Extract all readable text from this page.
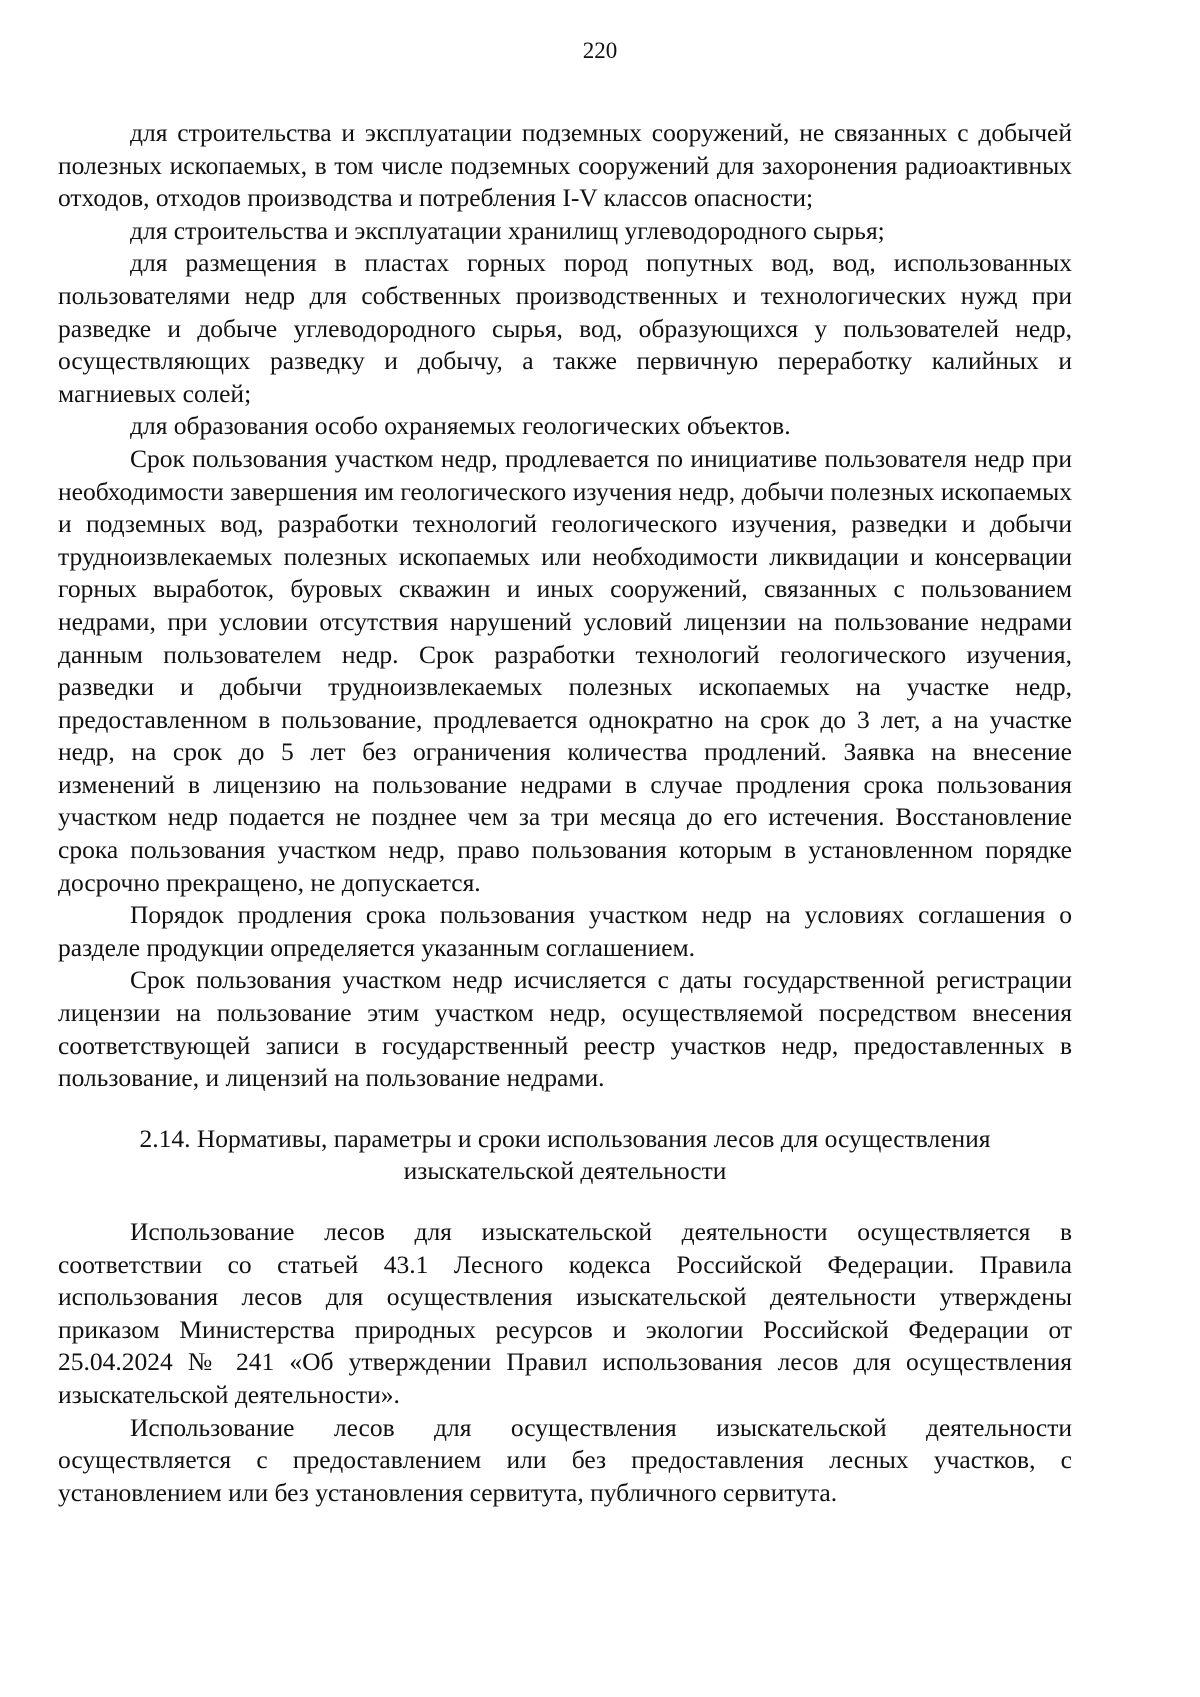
220

для строительства и эксплуатации подземных сооружений, не связанных с добычей полезных ископаемых, в том числе подземных сооружений для захоронения радиоактивных отходов, отходов производства и потребления I-V классов опасности;

для строительства и эксплуатации хранилищ углеводородного сырья;

для размещения в пластах горных пород попутных вод, вод, использованных пользователями недр для собственных производственных и технологических нужд при разведке и добыче углеводородного сырья, вод, образующихся у пользователей недр, осуществляющих разведку и добычу, а также первичную переработку калийных и магниевых солей;

для образования особо охраняемых геологических объектов.

Срок пользования участком недр, продлевается по инициативе пользователя недр при необходимости завершения им геологического изучения недр, добычи полезных ископаемых и подземных вод, разработки технологий геологического изучения, разведки и добычи трудноизвлекаемых полезных ископаемых или необходимости ликвидации и консервации горных выработок, буровых скважин и иных сооружений, связанных с пользованием недрами, при условии отсутствия нарушений условий лицензии на пользование недрами данным пользователем недр. Срок разработки технологий геологического изучения, разведки и добычи трудноизвлекаемых полезных ископаемых на участке недр, предоставленном в пользование, продлевается однократно на срок до 3 лет, а на участке недр, на срок до 5 лет без ограничения количества продлений. Заявка на внесение изменений в лицензию на пользование недрами в случае продления срока пользования участком недр подается не позднее чем за три месяца до его истечения. Восстановление срока пользования участком недр, право пользования которым в установленном порядке досрочно прекращено, не допускается.

Порядок продления срока пользования участком недр на условиях соглашения о разделе продукции определяется указанным соглашением.

Срок пользования участком недр исчисляется с даты государственной регистрации лицензии на пользование этим участком недр, осуществляемой посредством внесения соответствующей записи в государственный реестр участков недр, предоставленных в пользование, и лицензий на пользование недрами.

2.14. Нормативы, параметры и сроки использования лесов для осуществления
изыскательской деятельности

Использование лесов для изыскательской деятельности осуществляется в соответствии со статьей 43.1 Лесного кодекса Российской Федерации. Правила использования лесов для осуществления изыскательской деятельности утверждены приказом Министерства природных ресурсов и экологии Российской Федерации от 25.04.2024 № 241 «Об утверждении Правил использования лесов для осуществления изыскательской деятельности».

Использование лесов для осуществления изыскательской деятельности осуществляется с предоставлением или без предоставления лесных участков, с установлением или без установления сервитута, публичного сервитута.
